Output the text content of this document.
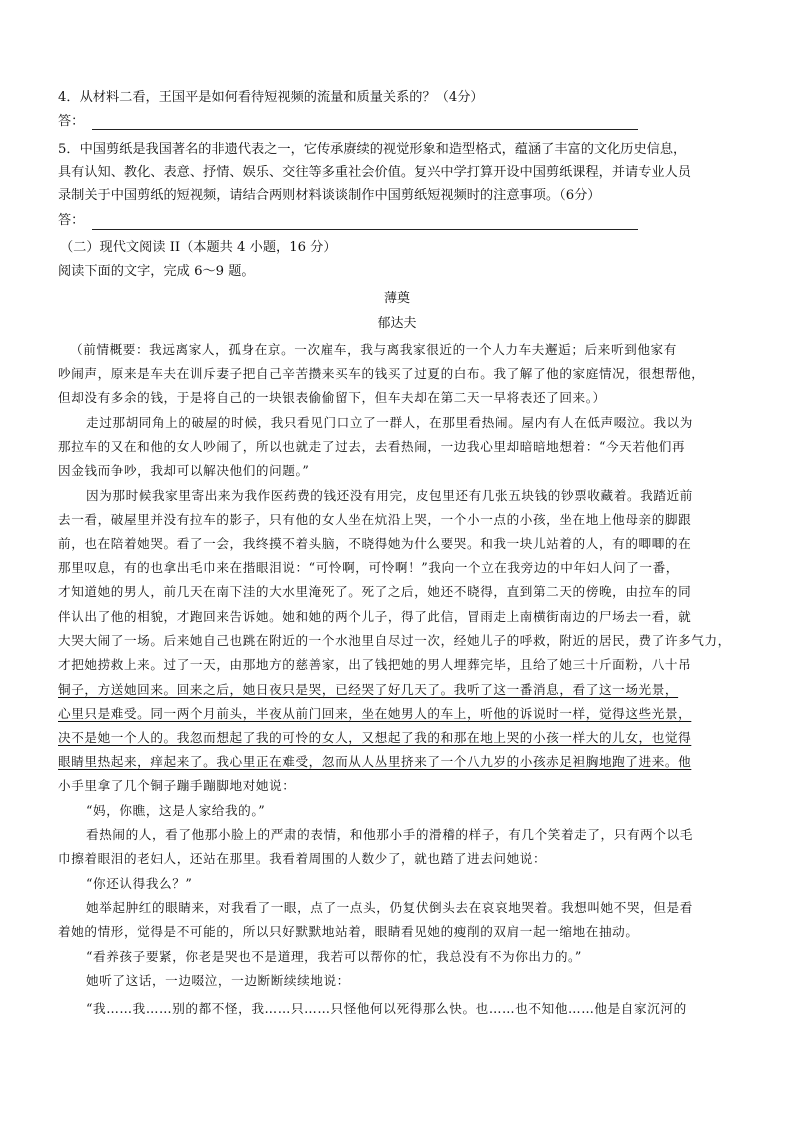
4．从材料二看，王国平是如何看待短视频的流量和质量关系的？（4分）
答：
5．中国剪纸是我国著名的非遗代表之一，它传承赓续的视觉形象和造型格式，蕴涵了丰富的文化历史信息，
具有认知、教化、表意、抒情、娱乐、交往等多重社会价值。复兴中学打算开设中国剪纸课程，并请专业人员
录制关于中国剪纸的短视频，请结合两则材料谈谈制作中国剪纸短视频时的注意事项。（6分）
答：
（二）现代文阅读 II（本题共 4 小题，16 分）
阅读下面的文字，完成 6～9 题。
薄奠
郁达夫
（前情概要：我远离家人，孤身在京。一次雇车，我与离我家很近的一个人力车夫邂逅；后来听到他家有
吵闹声，原来是车夫在训斥妻子把自己辛苦攒来买车的钱买了过夏的白布。我了解了他的家庭情况，很想帮他，
但却没有多余的钱，于是将自己的一块银表偷偷留下，但车夫却在第二天一早将表还了回来。）
走过那胡同角上的破屋的时候，我只看见门口立了一群人，在那里看热闹。屋内有人在低声啜泣。我以为
那拉车的又在和他的女人吵闹了，所以也就走了过去，去看热闹，一边我心里却暗暗地想着：“今天若他们再
因金钱而争吵，我却可以解决他们的问题。”
因为那时候我家里寄出来为我作医药费的钱还没有用完，皮包里还有几张五块钱的钞票收藏着。我踏近前
去一看，破屋里并没有拉车的影子，只有他的女人坐在炕沿上哭，一个小一点的小孩，坐在地上他母亲的脚跟
前，也在陪着她哭。看了一会，我终摸不着头脑，不晓得她为什么要哭。和我一块儿站着的人，有的唧唧的在
那里叹息，有的也拿出毛巾来在揩眼泪说：“可怜啊，可怜啊！”我向一个立在我旁边的中年妇人问了一番，
才知道她的男人，前几天在南下洼的大水里淹死了。死了之后，她还不晓得，直到第二天的傍晚，由拉车的同
伴认出了他的相貌，才跑回来告诉她。她和她的两个儿子，得了此信，冒雨走上南横街南边的尸场去一看，就
大哭大闹了一场。后来她自己也跳在附近的一个水池里自尽过一次，经她儿子的呼救，附近的居民，费了许多气力，
才把她捞救上来。过了一天，由那地方的慈善家，出了钱把她的男人埋葬完毕，且给了她三十斤面粉，八十吊
铜子，方送她回来。回来之后，她日夜只是哭，已经哭了好几天了。我听了这一番消息，看了这一场光景，
心里只是难受。同一两个月前头，半夜从前门回来，坐在她男人的车上，听他的诉说时一样，觉得这些光景，
决不是她一个人的。我忽而想起了我的可怜的女人，又想起了我的和那在地上哭的小孩一样大的儿女，也觉得
眼睛里热起来，痒起来了。我心里正在难受，忽而从人丛里挤来了一个八九岁的小孩赤足袒胸地跑了进来。他
小手里拿了几个铜子蹦手蹦脚地对她说：
“妈，你瞧，这是人家给我的。”
看热闹的人，看了他那小脸上的严肃的表情，和他那小手的滑稽的样子，有几个笑着走了，只有两个以毛
巾擦着眼泪的老妇人，还站在那里。我看着周围的人数少了，就也踏了进去问她说：
“你还认得我么？”
她举起肿红的眼睛来，对我看了一眼，点了一点头，仍复伏倒头去在哀哀地哭着。我想叫她不哭，但是看
着她的情形，觉得是不可能的，所以只好默默地站着，眼睛看见她的瘦削的双肩一起一缩地在抽动。
“看养孩子要紧，你老是哭也不是道理，我若可以帮你的忙，我总没有不为你出力的。”
她听了这话，一边啜泣，一边断断续续地说：
“我……我……别的都不怪，我……只……只怪他何以死得那么快。也……也不知他……他是自家沉河的
